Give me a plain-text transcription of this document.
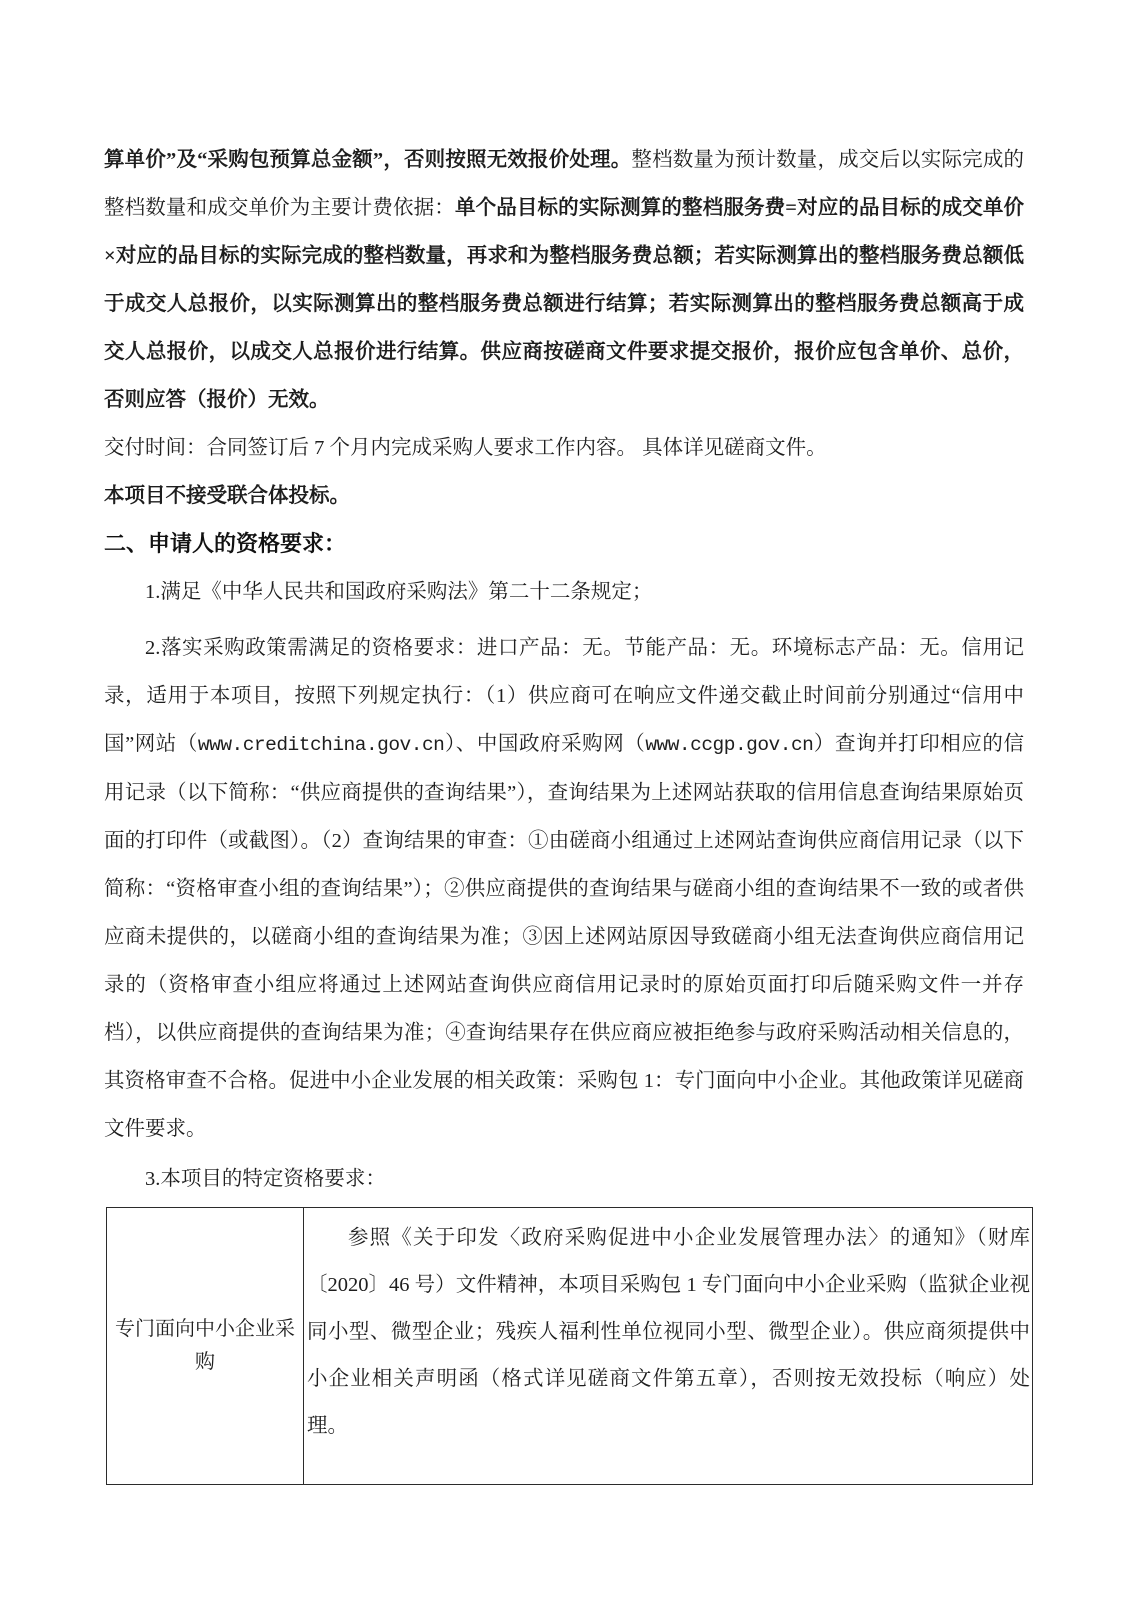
算单价”及“采购包预算总金额”，否则按照无效报价处理。整档数量为预计数量，成交后以实际完成的整档数量和成交单价为主要计费依据：单个品目标的实际测算的整档服务费=对应的品目标的成交单价×对应的品目标的实际完成的整档数量，再求和为整档服务费总额；若实际测算出的整档服务费总额低于成交人总报价，以实际测算出的整档服务费总额进行结算；若实际测算出的整档服务费总额高于成交人总报价，以成交人总报价进行结算。供应商按磋商文件要求提交报价，报价应包含单价、总价，否则应答（报价）无效。

交付时间：合同签订后 7 个月内完成采购人要求工作内容。 具体详见磋商文件。

本项目不接受联合体投标。

二、申请人的资格要求：

1.满足《中华人民共和国政府采购法》第二十二条规定；

2.落实采购政策需满足的资格要求：进口产品：无。节能产品：无。环境标志产品：无。信用记录，适用于本项目，按照下列规定执行：（1）供应商可在响应文件递交截止时间前分别通过“信用中国”网站（www.creditchina.gov.cn）、中国政府采购网（www.ccgp.gov.cn）查询并打印相应的信用记录（以下简称：“供应商提供的查询结果”），查询结果为上述网站获取的信用信息查询结果原始页面的打印件（或截图）。（2）查询结果的审查：①由磋商小组通过上述网站查询供应商信用记录（以下简称：“资格审查小组的查询结果”）；②供应商提供的查询结果与磋商小组的查询结果不一致的或者供应商未提供的，以磋商小组的查询结果为准；③因上述网站原因导致磋商小组无法查询供应商信用记录的（资格审查小组应将通过上述网站查询供应商信用记录时的原始页面打印后随采购文件一并存档），以供应商提供的查询结果为准；④查询结果存在供应商应被拒绝参与政府采购活动相关信息的，其资格审查不合格。促进中小企业发展的相关政策：采购包 1：专门面向中小企业。其他政策详见磋商文件要求。

3.本项目的特定资格要求：

专门面向中小企业采购	参照《关于印发〈政府采购促进中小企业发展管理办法〉的通知》（财库〔2020〕46 号）文件精神，本项目采购包 1 专门面向中小企业采购（监狱企业视同小型、微型企业；残疾人福利性单位视同小型、微型企业）。供应商须提供中小企业相关声明函（格式详见磋商文件第五章），否则按无效投标（响应）处理。
